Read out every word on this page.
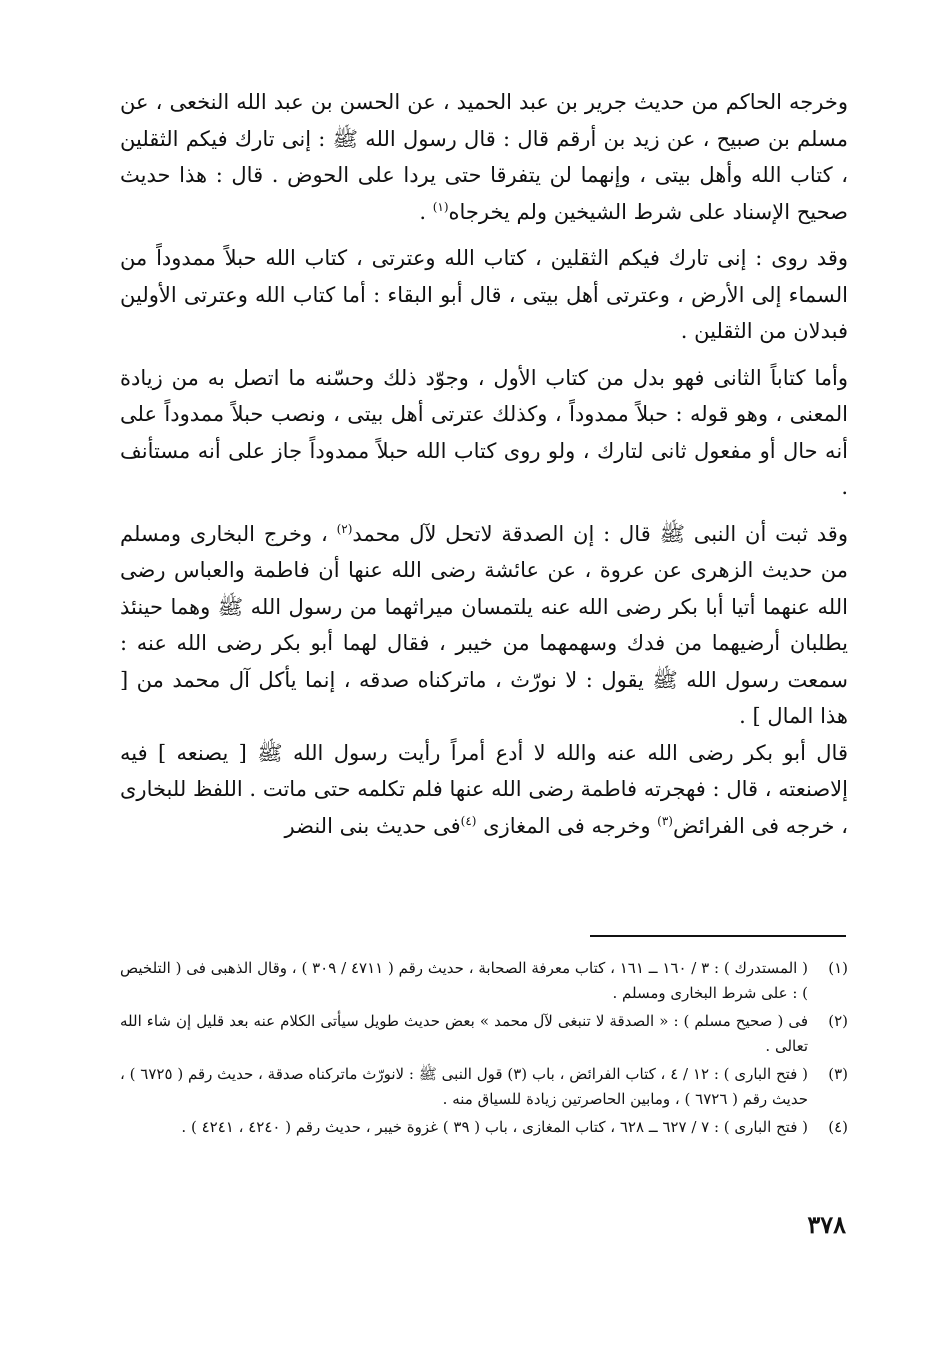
وخرجه الحاكم من حديث جرير بن عبد الحميد ، عن الحسن بن عبد الله النخعى ، عن مسلم بن صبيح ، عن زيد بن أرقم قال : قال رسول الله ﷺ : إنى تارك فيكم الثقلين ، كتاب الله وأهل بيتى ، وإنهما لن يتفرقا حتى يردا على الحوض . قال : هذا حديث صحيح الإسناد على شرط الشيخين ولم يخرجاه$^{(١)}$ .

وقد روى : إنى تارك فيكم الثقلين ، كتاب الله وعترتى ، كتاب الله حبلاً ممدوداً من السماء إلى الأرض ، وعترتى أهل بيتى ، قال أبو البقاء : أما كتاب الله وعترتى الأولين فبدلان من الثقلين .

وأما كتاباً الثانى فهو بدل من كتاب الأول ، وجوّد ذلك وحسّنه ما اتصل به من زيادة المعنى ، وهو قوله : حبلاً ممدوداً ، وكذلك عترتى أهل بيتى ، ونصب حبلاً ممدوداً على أنه حال أو مفعول ثانى لتارك ، ولو روى كتاب الله حبلاً ممدوداً جاز على أنه مستأنف .

وقد ثبت أن النبى ﷺ قال : إن الصدقة لاتحل لآل محمد$^{(٢)}$ ، وخرج البخارى ومسلم من حديث الزهرى عن عروة ، عن عائشة رضى الله عنها أن فاطمة والعباس رضى الله عنهما أتيا أبا بكر رضى الله عنه يلتمسان ميراثهما من رسول الله ﷺ وهما حينئذ يطلبان أرضيهما من فدك وسهمهما من خيبر ، فقال لهما أبو بكر رضى الله عنه : سمعت رسول الله ﷺ يقول : لا نورّث ، ماتركناه صدقه ، إنما يأكل آل محمد من [ هذا المال ] .

قال أبو بكر رضى الله عنه والله لا أدع أمراً رأيت رسول الله ﷺ [ يصنعه ] فيه إلاصنعته ، قال : فهجرته فاطمة رضى الله عنها فلم تكلمه حتى ماتت . اللفظ للبخارى ، خرجه فى الفرائض$^{(٣)}$ وخرجه فى المغازى $^{(٤)}$فى حديث بنى النضر

(١)
( المستدرك ) : ٣ / ١٦٠ ــ ١٦١ ، كتاب معرفة الصحابة ، حديث رقم ( ٤٧١١ / ٣٠٩ ) ، وقال الذهبى فى ( التلخيص ) : على شرط البخارى ومسلم .
(٢)
فى ( صحيح مسلم ) : « الصدقة لا تنبغى لآل محمد » بعض حديث طويل سيأتى الكلام عنه بعد قليل إن شاء الله تعالى .
(٣)
( فتح البارى ) : ١٢ / ٤ ، كتاب الفرائض ، باب (٣) قول النبى ﷺ : لانورّث ماتركناه صدقة ، حديث رقم ( ٦٧٢٥ ) ، حديث رقم ( ٦٧٢٦ ) ، ومابين الحاصرتين زيادة للسياق منه .
(٤)
( فتح البارى ) : ٧ / ٦٢٧ ــ ٦٢٨ ، كتاب المغازى ، باب ( ٣٩ ) غزوة خيبر ، حديث رقم ( ٤٢٤٠ ، ٤٢٤١ ) .
٣٧٨
